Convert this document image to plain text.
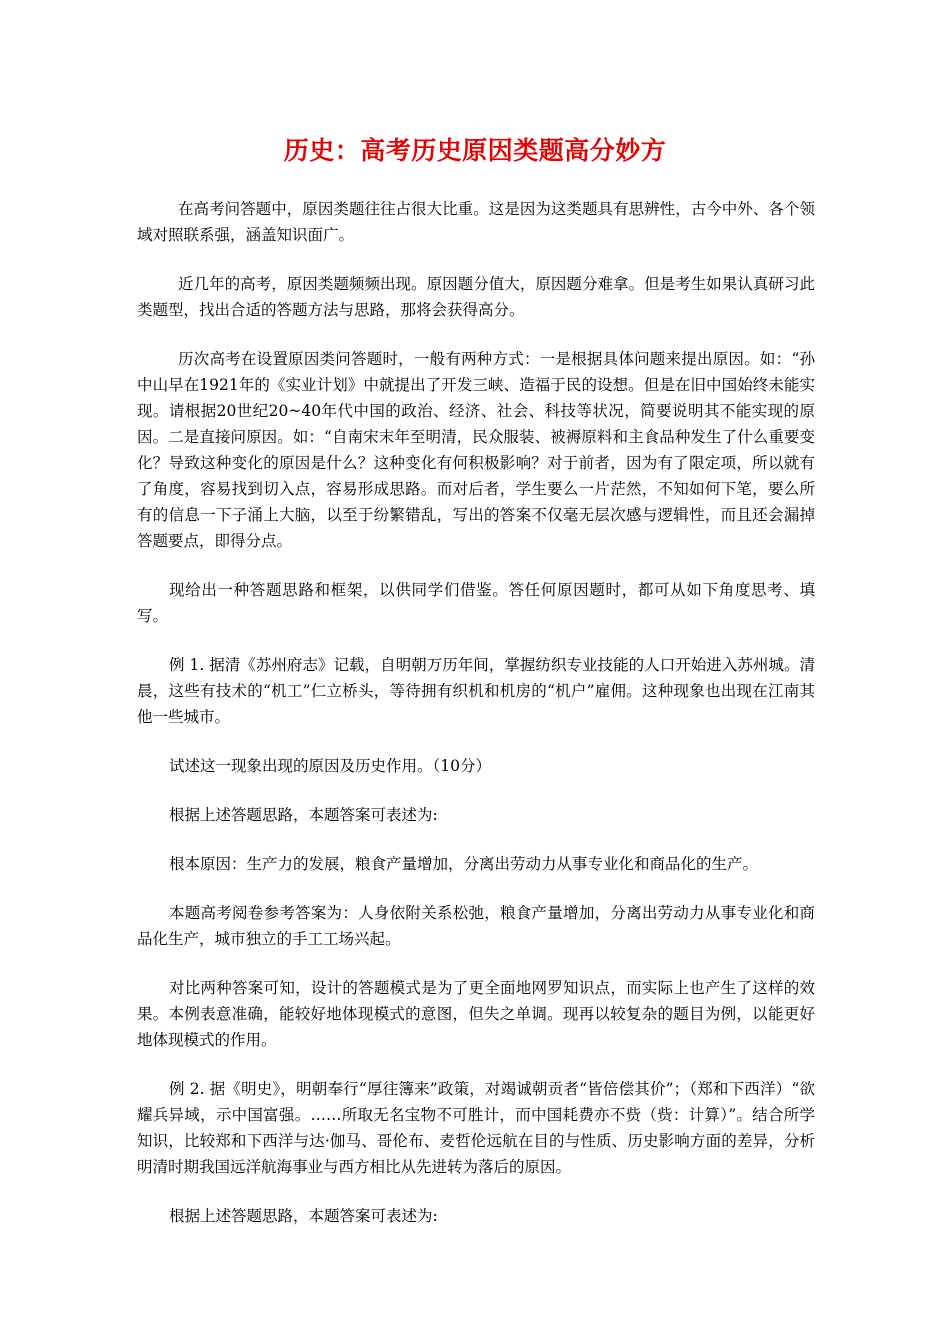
历史：高考历史原因类题高分妙方

在高考问答题中，原因类题往往占很大比重。这是因为这类题具有思辨性，古今中外、各个领域对照联系强，涵盖知识面广。

近几年的高考，原因类题频频出现。原因题分值大，原因题分难拿。但是考生如果认真研习此类题型，找出合适的答题方法与思路，那将会获得高分。

历次高考在设置原因类问答题时，一般有两种方式：一是根据具体问题来提出原因。如：“孙中山早在1921年的《实业计划》中就提出了开发三峡、造福于民的设想。但是在旧中国始终未能实现。请根据20世纪20~40年代中国的政治、经济、社会、科技等状况，简要说明其不能实现的原因。二是直接问原因。如：“自南宋末年至明清，民众服装、被褥原料和主食品种发生了什么重要变化？导致这种变化的原因是什么？这种变化有何积极影响？对于前者，因为有了限定项，所以就有了角度，容易找到切入点，容易形成思路。而对后者，学生要么一片茫然，不知如何下笔，要么所有的信息一下子涌上大脑，以至于纷繁错乱，写出的答案不仅毫无层次感与逻辑性，而且还会漏掉答题要点，即得分点。

现给出一种答题思路和框架，以供同学们借鉴。答任何原因题时，都可从如下角度思考、填写。

例 1. 据清《苏州府志》记载，自明朝万历年间，掌握纺织专业技能的人口开始进入苏州城。清晨，这些有技术的“机工”仁立桥头，等待拥有织机和机房的“机户”雇佣。这种现象也出现在江南其他一些城市。

试述这一现象出现的原因及历史作用。（10分）

根据上述答题思路，本题答案可表述为:

根本原因：生产力的发展，粮食产量增加，分离出劳动力从事专业化和商品化的生产。

本题高考阅卷参考答案为：人身依附关系松弛，粮食产量增加，分离出劳动力从事专业化和商品化生产，城市独立的手工工场兴起。

对比两种答案可知，设计的答题模式是为了更全面地网罗知识点，而实际上也产生了这样的效果。本例表意准确，能较好地体现模式的意图，但失之单调。现再以较复杂的题目为例，以能更好地体现模式的作用。

例 2. 据《明史》，明朝奉行“厚往簿来”政策，对竭诚朝贡者“皆倍偿其价”；（郑和下西洋）“欲耀兵异域，示中国富强。……所取无名宝物不可胜计，而中国耗费亦不赀（赀：计算）”。结合所学知识，比较郑和下西洋与达·伽马、哥伦布、麦哲伦远航在目的与性质、历史影响方面的差异，分析明清时期我国远洋航海事业与西方相比从先进转为落后的原因。

根据上述答题思路，本题答案可表述为:
